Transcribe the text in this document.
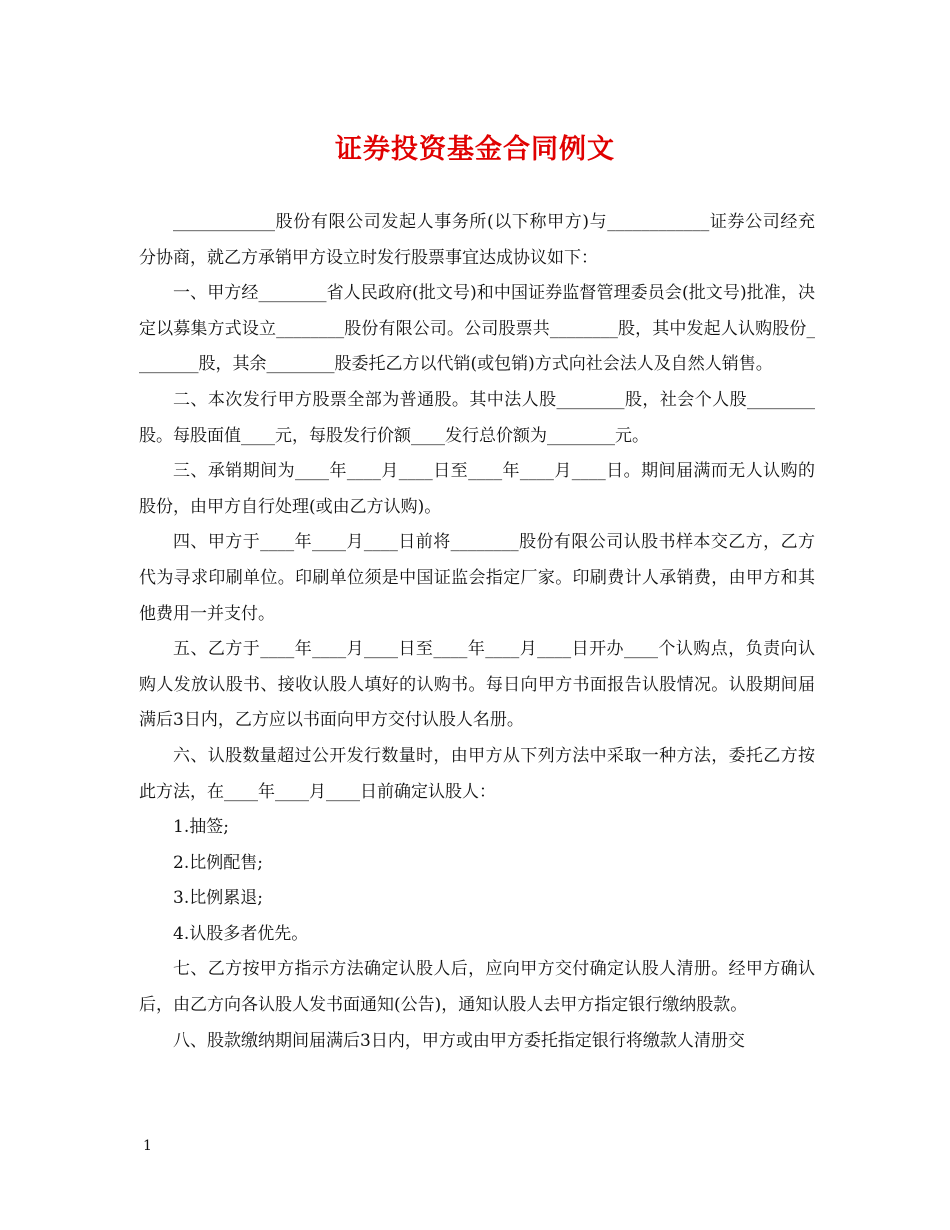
证券投资基金合同例文

____________股份有限公司发起人事务所(以下称甲方)与____________证券公司经充分协商，就乙方承销甲方设立时发行股票事宜达成协议如下：

一、甲方经________省人民政府(批文号)和中国证券监督管理委员会(批文号)批准，决定以募集方式设立________股份有限公司。公司股票共________股，其中发起人认购股份________股，其余________股委托乙方以代销(或包销)方式向社会法人及自然人销售。

二、本次发行甲方股票全部为普通股。其中法人股________股，社会个人股________股。每股面值____元，每股发行价额____发行总价额为________元。

三、承销期间为____年____月____日至____年____月____日。期间届满而无人认购的股份，由甲方自行处理(或由乙方认购)。

四、甲方于____年____月____日前将________股份有限公司认股书样本交乙方，乙方代为寻求印刷单位。印刷单位须是中国证监会指定厂家。印刷费计人承销费，由甲方和其他费用一并支付。

五、乙方于____年____月____日至____年____月____日开办____个认购点，负责向认购人发放认股书、接收认股人填好的认购书。每日向甲方书面报告认股情况。认股期间届满后3日内，乙方应以书面向甲方交付认股人名册。

六、认股数量超过公开发行数量时，由甲方从下列方法中采取一种方法，委托乙方按此方法，在____年____月____日前确定认股人：

1.抽签;

2.比例配售;

3.比例累退;

4.认股多者优先。

七、乙方按甲方指示方法确定认股人后，应向甲方交付确定认股人清册。经甲方确认后，由乙方向各认股人发书面通知(公告)，通知认股人去甲方指定银行缴纳股款。

八、股款缴纳期间届满后3日内，甲方或由甲方委托指定银行将缴款人清册交

1
